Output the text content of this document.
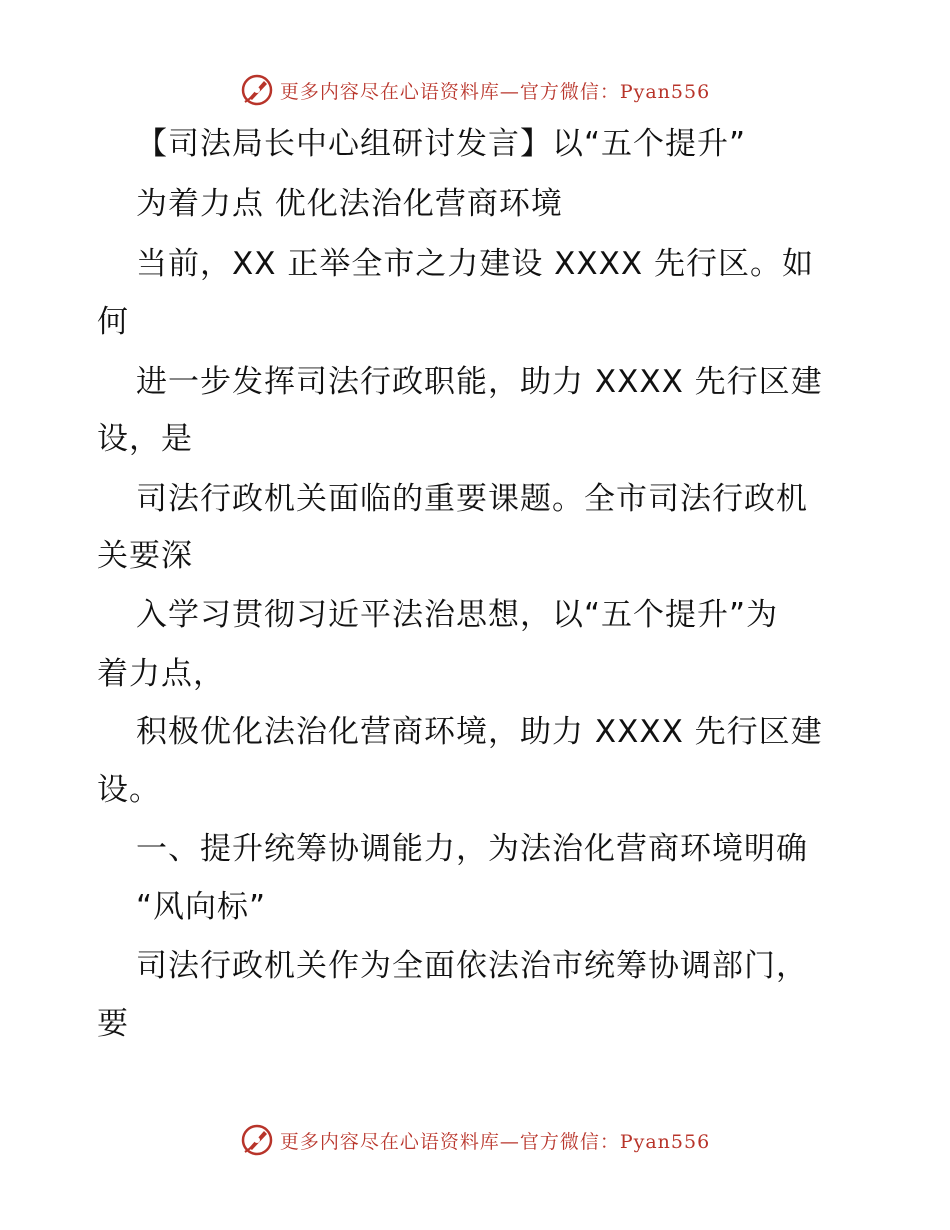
更多内容尽在心语资料库—官方微信：Pyan556
【司法局长中心组研讨发言】以“五个提升”
为着力点 优化法治化营商环境
当前，XX 正举全市之力建设 XXXX 先行区。如
何
进一步发挥司法行政职能，助力 XXXX 先行区建
设，是
司法行政机关面临的重要课题。全市司法行政机
关要深
入学习贯彻习近平法治思想，以“五个提升”为
着力点，
积极优化法治化营商环境，助力 XXXX 先行区建
设。
一、提升统筹协调能力，为法治化营商环境明确
“风向标”
司法行政机关作为全面依法治市统筹协调部门，
要
更多内容尽在心语资料库—官方微信：Pyan556
